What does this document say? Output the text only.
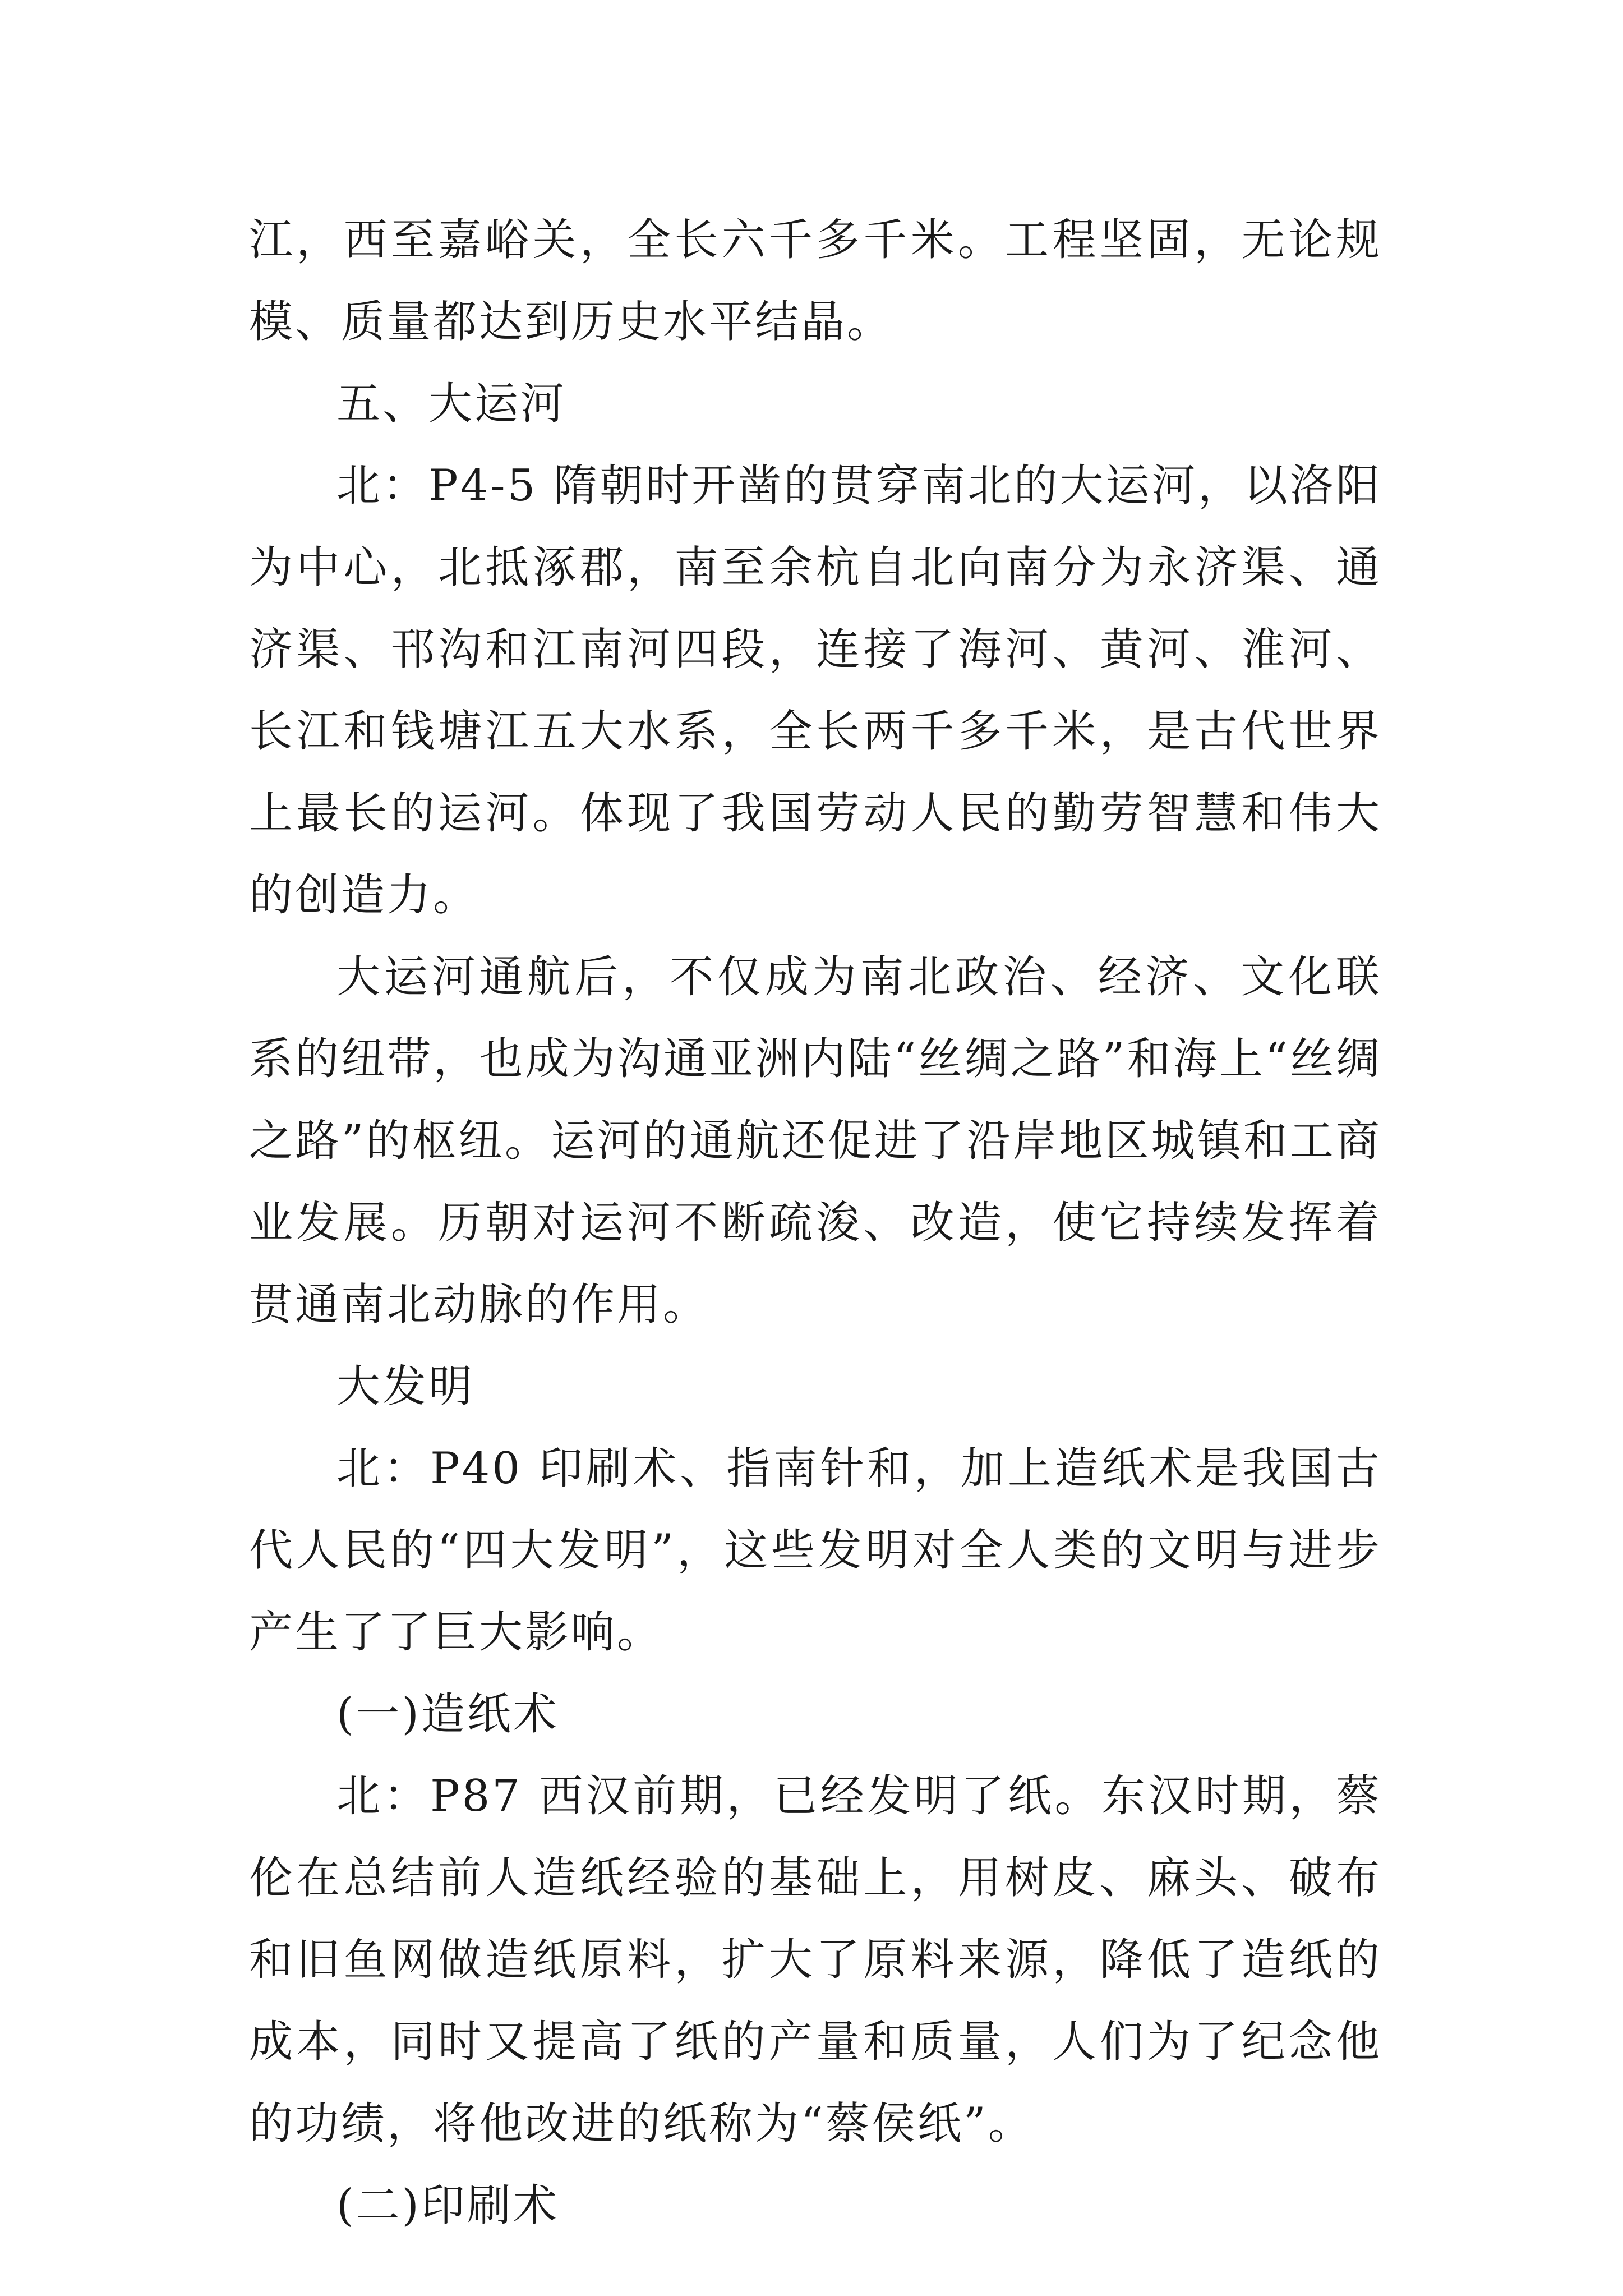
江，西至嘉峪关，全长六千多千米。工程坚固，无论规模、质量都达到历史水平结晶。

五、大运河

北：P4-5 隋朝时开凿的贯穿南北的大运河，以洛阳为中心，北抵涿郡，南至余杭自北向南分为永济渠、通济渠、邗沟和江南河四段，连接了海河、黄河、淮河、长江和钱塘江五大水系，全长两千多千米，是古代世界上最长的运河。体现了我国劳动人民的勤劳智慧和伟大的创造力。

大运河通航后，不仅成为南北政治、经济、文化联系的纽带，也成为沟通亚洲内陆“丝绸之路”和海上“丝绸之路”的枢纽。运河的通航还促进了沿岸地区城镇和工商业发展。历朝对运河不断疏浚、改造，使它持续发挥着贯通南北动脉的作用。

大发明

北：P40 印刷术、指南针和，加上造纸术是我国古代人民的“四大发明”，这些发明对全人类的文明与进步产生了了巨大影响。

(一)造纸术

北：P87 西汉前期，已经发明了纸。东汉时期，蔡伦在总结前人造纸经验的基础上，用树皮、麻头、破布和旧鱼网做造纸原料，扩大了原料来源，降低了造纸的成本，同时又提高了纸的产量和质量，人们为了纪念他的功绩，将他改进的纸称为“蔡侯纸”。

(二)印刷术
